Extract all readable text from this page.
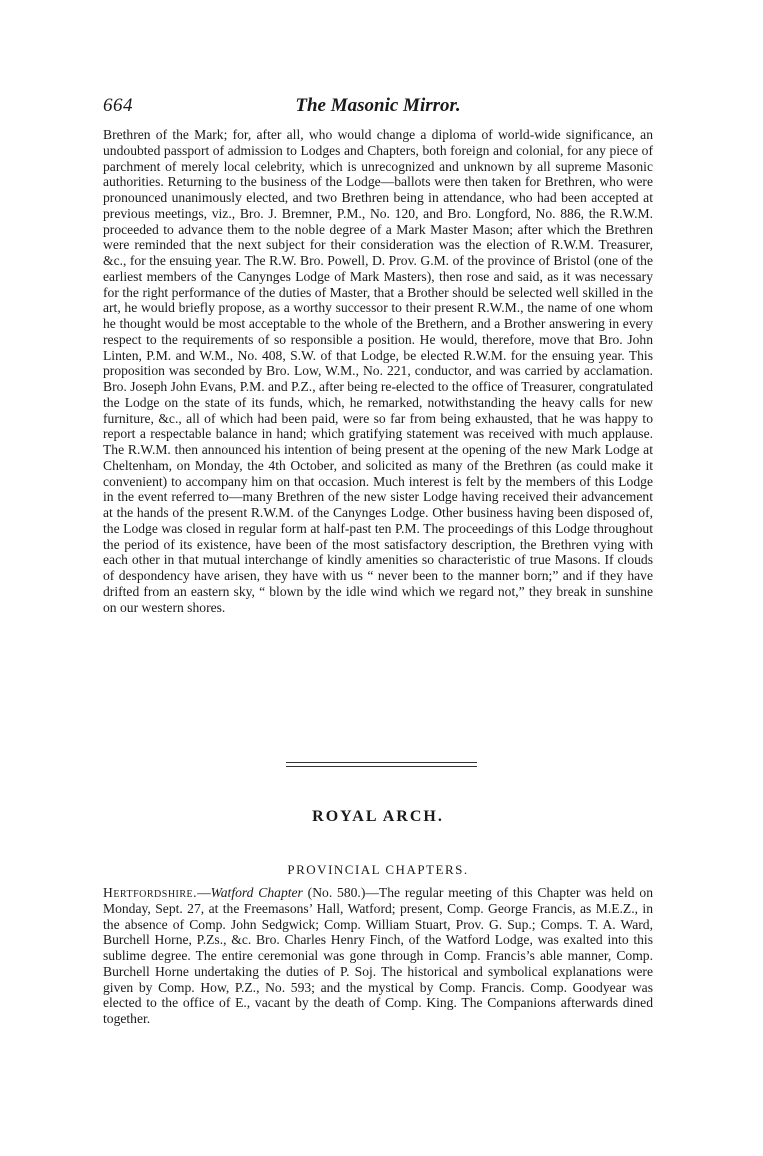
664	The Masonic Mirror.

Brethren of the Mark; for, after all, who would change a diploma of world-wide significance, an undoubted passport of admission to Lodges and Chapters, both foreign and colonial, for any piece of parchment of merely local celebrity, which is unrecognized and unknown by all supreme Masonic authorities. Returning to the business of the Lodge—ballots were then taken for Brethren, who were pronounced unanimously elected, and two Brethren being in attendance, who had been accepted at previous meetings, viz., Bro. J. Bremner, P.M., No. 120, and Bro. Longford, No. 886, the R.W.M. proceeded to advance them to the noble degree of a Mark Master Mason; after which the Brethren were reminded that the next subject for their consideration was the election of R.W.M. Treasurer, &c., for the ensuing year. The R.W. Bro. Powell, D. Prov. G.M. of the province of Bristol (one of the earliest members of the Canynges Lodge of Mark Masters), then rose and said, as it was necessary for the right performance of the duties of Master, that a Brother should be selected well skilled in the art, he would briefly propose, as a worthy successor to their present R.W.M., the name of one whom he thought would be most acceptable to the whole of the Brethern, and a Brother answering in every respect to the requirements of so responsible a position. He would, therefore, move that Bro. John Linten, P.M. and W.M., No. 408, S.W. of that Lodge, be elected R.W.M. for the ensuing year. This proposition was seconded by Bro. Low, W.M., No. 221, conductor, and was carried by acclamation. Bro. Joseph John Evans, P.M. and P.Z., after being re-elected to the office of Treasurer, congratulated the Lodge on the state of its funds, which, he remarked, notwithstanding the heavy calls for new furniture, &c., all of which had been paid, were so far from being exhausted, that he was happy to report a respectable balance in hand; which gratifying statement was received with much applause. The R.W.M. then announced his intention of being present at the opening of the new Mark Lodge at Cheltenham, on Monday, the 4th October, and solicited as many of the Brethren (as could make it convenient) to accompany him on that occasion. Much interest is felt by the members of this Lodge in the event referred to—many Brethren of the new sister Lodge having received their advancement at the hands of the present R.W.M. of the Canynges Lodge. Other business having been disposed of, the Lodge was closed in regular form at half-past ten P.M. The proceedings of this Lodge throughout the period of its existence, have been of the most satisfactory description, the Brethren vying with each other in that mutual interchange of kindly amenities so characteristic of true Masons. If clouds of despondency have arisen, they have with us “ never been to the manner born;” and if they have drifted from an eastern sky, “ blown by the idle wind which we regard not,” they break in sunshine on our western shores.

ROYAL ARCH.
PROVINCIAL CHAPTERS.

Hertfordshire.—Watford Chapter (No. 580.)—The regular meeting of this Chapter was held on Monday, Sept. 27, at the Freemasons’ Hall, Watford; present, Comp. George Francis, as M.E.Z., in the absence of Comp. John Sedgwick; Comp. William Stuart, Prov. G. Sup.; Comps. T. A. Ward, Burchell Horne, P.Zs., &c. Bro. Charles Henry Finch, of the Watford Lodge, was exalted into this sublime degree. The entire ceremonial was gone through in Comp. Francis’s able manner, Comp. Burchell Horne undertaking the duties of P. Soj. The historical and symbolical explanations were given by Comp. How, P.Z., No. 593; and the mystical by Comp. Francis. Comp. Goodyear was elected to the office of E., vacant by the death of Comp. King. The Companions afterwards dined together.
